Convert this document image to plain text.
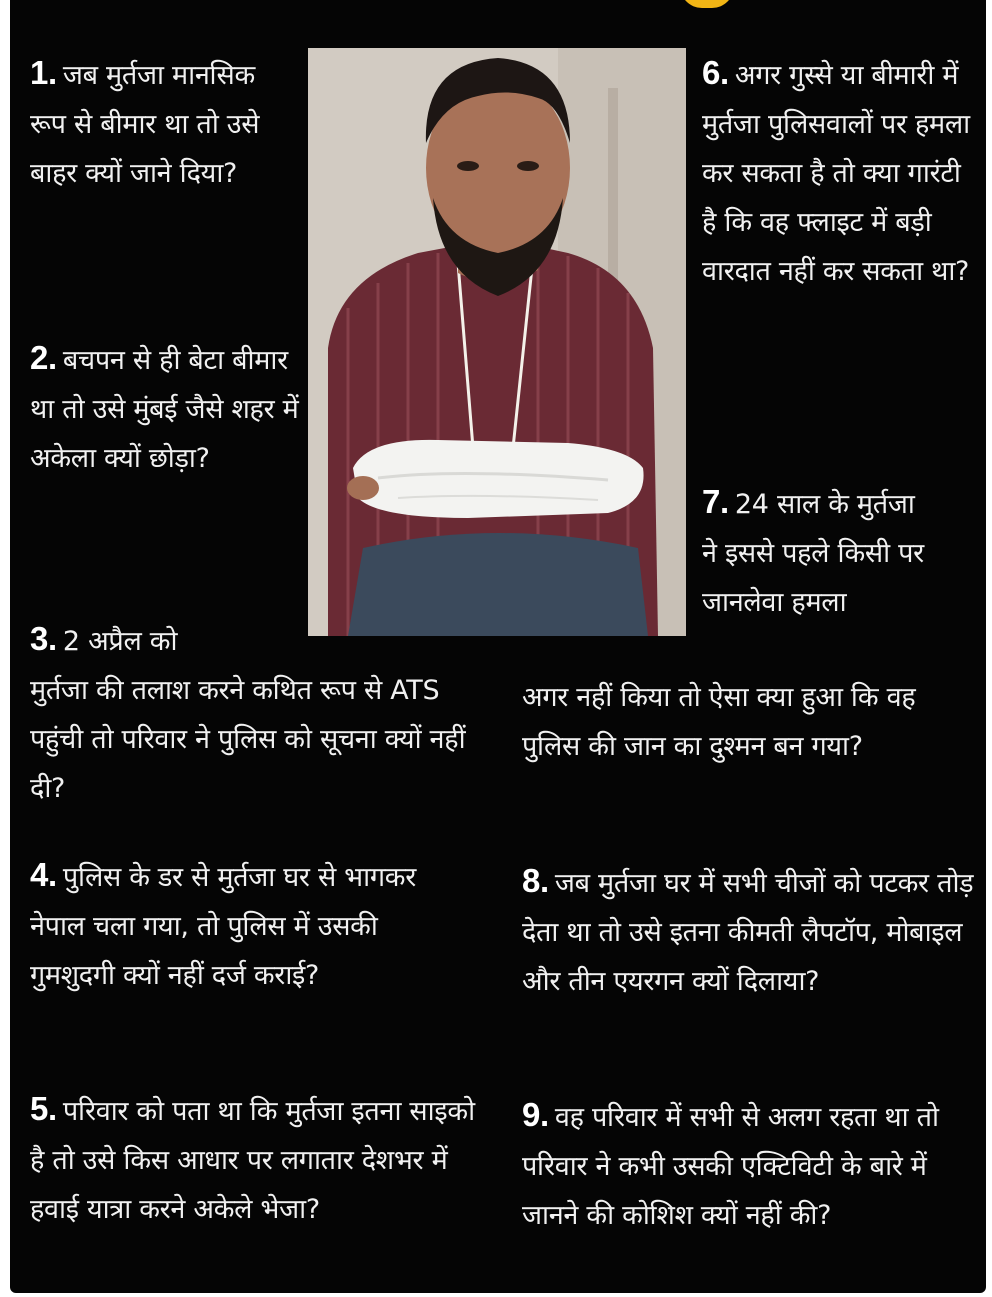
1. जब मुर्तजा मानसिक रूप से बीमार था तो उसे बाहर क्यों जाने दिया?

2. बचपन से ही बेटा बीमार था तो उसे मुंबई जैसे शहर में अकेला क्यों छोड़ा?

3. 2 अप्रैल को
मुर्तजा की तलाश करने कथित रूप से ATS पहुंची तो परिवार ने पुलिस को सूचना क्यों नहीं दी?

4. पुलिस के डर से मुर्तजा घर से भागकर नेपाल चला गया, तो पुलिस में उसकी गुमशुदगी क्यों नहीं दर्ज कराई?

5. परिवार को पता था कि मुर्तजा इतना साइको है तो उसे किस आधार पर लगातार देशभर में हवाई यात्रा करने अकेले भेजा?

6. अगर गुस्से या बीमारी में मुर्तजा पुलिसवालों पर हमला कर सकता है तो क्या गारंटी है कि वह फ्लाइट में बड़ी वारदात नहीं कर सकता था?

7. 24 साल के मुर्तजा ने इससे पहले किसी पर जानलेवा हमला

अगर नहीं किया तो ऐसा क्या हुआ कि वह पुलिस की जान का दुश्मन बन गया?

8. जब मुर्तजा घर में सभी चीजों को पटकर तोड़ देता था तो उसे इतना कीमती लैपटॉप, मोबाइल और तीन एयरगन क्यों दिलाया?

9. वह परिवार में सभी से अलग रहता था तो परिवार ने कभी उसकी एक्टिविटी के बारे में जानने की कोशिश क्यों नहीं की?
